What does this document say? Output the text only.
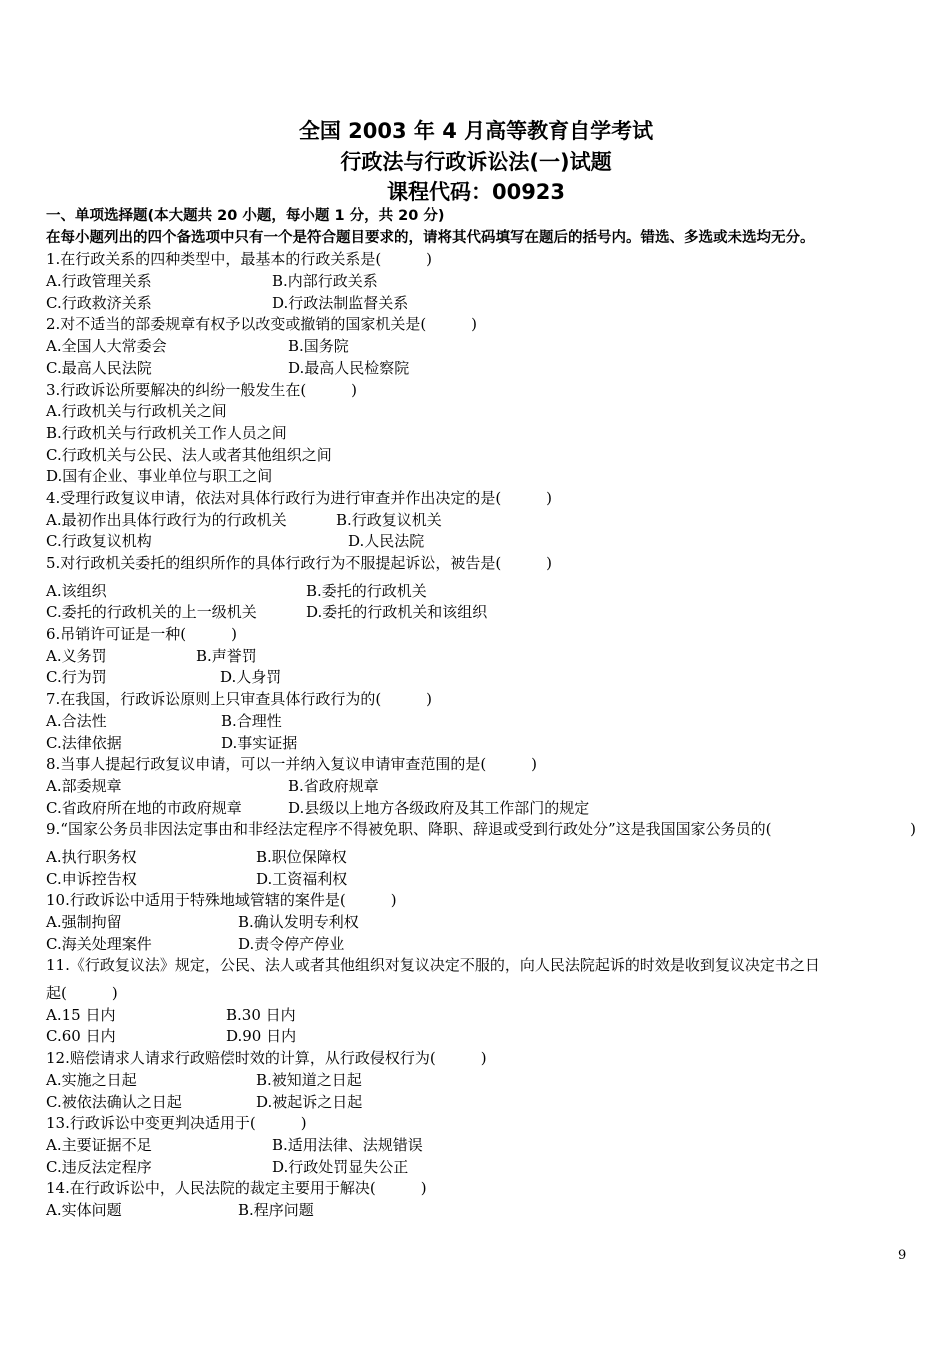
全国 2003 年 4 月高等教育自学考试
行政法与行政诉讼法(一)试题
课程代码：00923
一、单项选择题(本大题共 20 小题，每小题 1 分，共 20 分)
在每小题列出的四个备选项中只有一个是符合题目要求的，请将其代码填写在题后的括号内。错选、多选或未选均无分。
1.在行政关系的四种类型中，最基本的行政关系是(　　　)
A.行政管理关系	B.内部行政关系
C.行政救济关系	D.行政法制监督关系
2.对不适当的部委规章有权予以改变或撤销的国家机关是(　　　)
A.全国人大常委会	B.国务院
C.最高人民法院	D.最高人民检察院
3.行政诉讼所要解决的纠纷一般发生在(　　　)
A.行政机关与行政机关之间
B.行政机关与行政机关工作人员之间
C.行政机关与公民、法人或者其他组织之间
D.国有企业、事业单位与职工之间
4.受理行政复议申请，依法对具体行政行为进行审查并作出决定的是(　　　)
A.最初作出具体行政行为的行政机关	B.行政复议机关
C.行政复议机构	D.人民法院
5.对行政机关委托的组织所作的具体行政行为不服提起诉讼，被告是(　　　)
A.该组织	B.委托的行政机关
C.委托的行政机关的上一级机关	D.委托的行政机关和该组织
6.吊销许可证是一种(　　　)
A.义务罚	B.声誉罚
C.行为罚	D.人身罚
7.在我国，行政诉讼原则上只审查具体行政行为的(　　　)
A.合法性	B.合理性
C.法律依据	D.事实证据
8.当事人提起行政复议申请，可以一并纳入复议申请审查范围的是(　　　)
A.部委规章	B.省政府规章
C.省政府所在地的市政府规章	D.县级以上地方各级政府及其工作部门的规定
9.“国家公务员非因法定事由和非经法定程序不得被免职、降职、辞退或受到行政处分”这是我国国家公务员的(	)
A.执行职务权	B.职位保障权
C.申诉控告权	D.工资福利权
10.行政诉讼中适用于特殊地域管辖的案件是(　　　)
A.强制拘留	B.确认发明专利权
C.海关处理案件	D.责令停产停业
11.《行政复议法》规定，公民、法人或者其他组织对复议决定不服的，向人民法院起诉的时效是收到复议决定书之日
起(　　　)
A.15 日内	B.30 日内
C.60 日内	D.90 日内
12.赔偿请求人请求行政赔偿时效的计算，从行政侵权行为(　　　)
A.实施之日起	B.被知道之日起
C.被依法确认之日起	D.被起诉之日起
13.行政诉讼中变更判决适用于(　　　)
A.主要证据不足	B.适用法律、法规错误
C.违反法定程序	D.行政处罚显失公正
14.在行政诉讼中，人民法院的裁定主要用于解决(　　　)
A.实体问题	B.程序问题
9
